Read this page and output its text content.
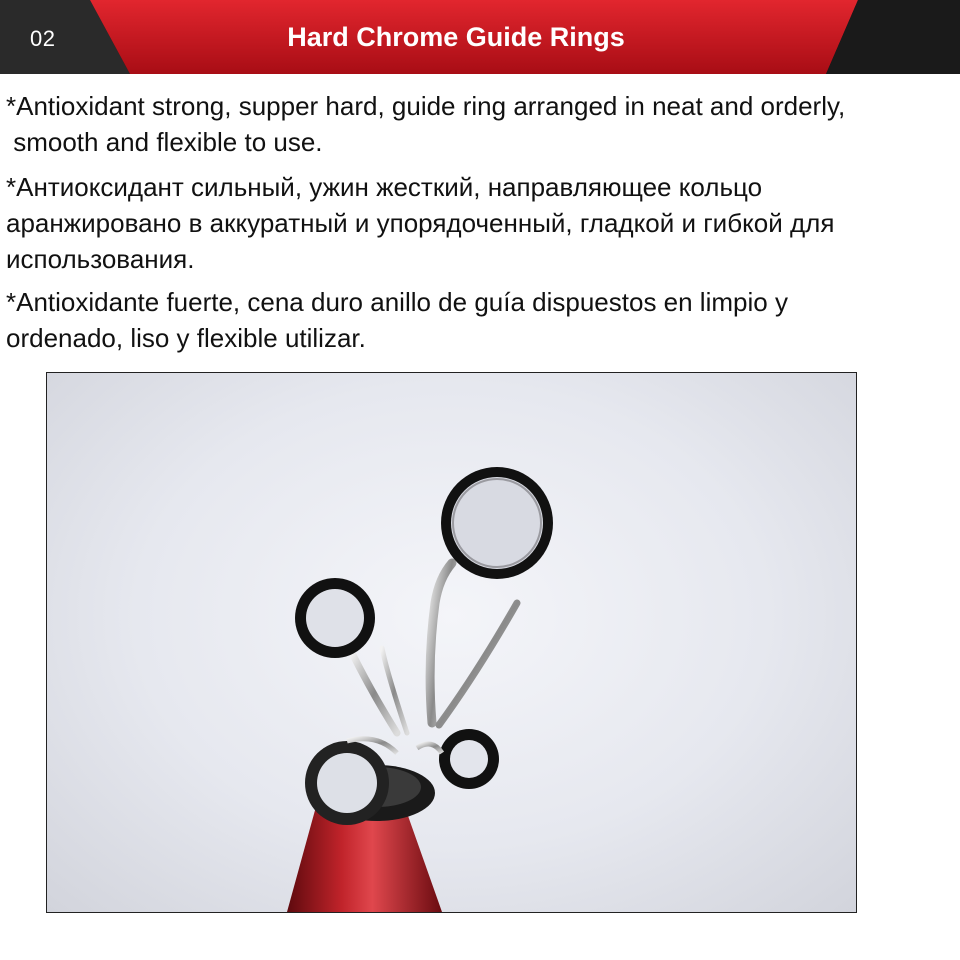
02	Hard Chrome Guide Rings
*Antioxidant strong, supper hard, guide ring arranged in neat and orderly,
smooth and flexible to use.
*Антиоксидант сильный, ужин жесткий, направляющее кольцо
аранжировано в аккуратный и упорядоченный, гладкой и гибкой для
использования.
*Antioxidante fuerte, cena duro anillo de guía dispuestos en limpio y
ordenado, liso y flexible utilizar.
